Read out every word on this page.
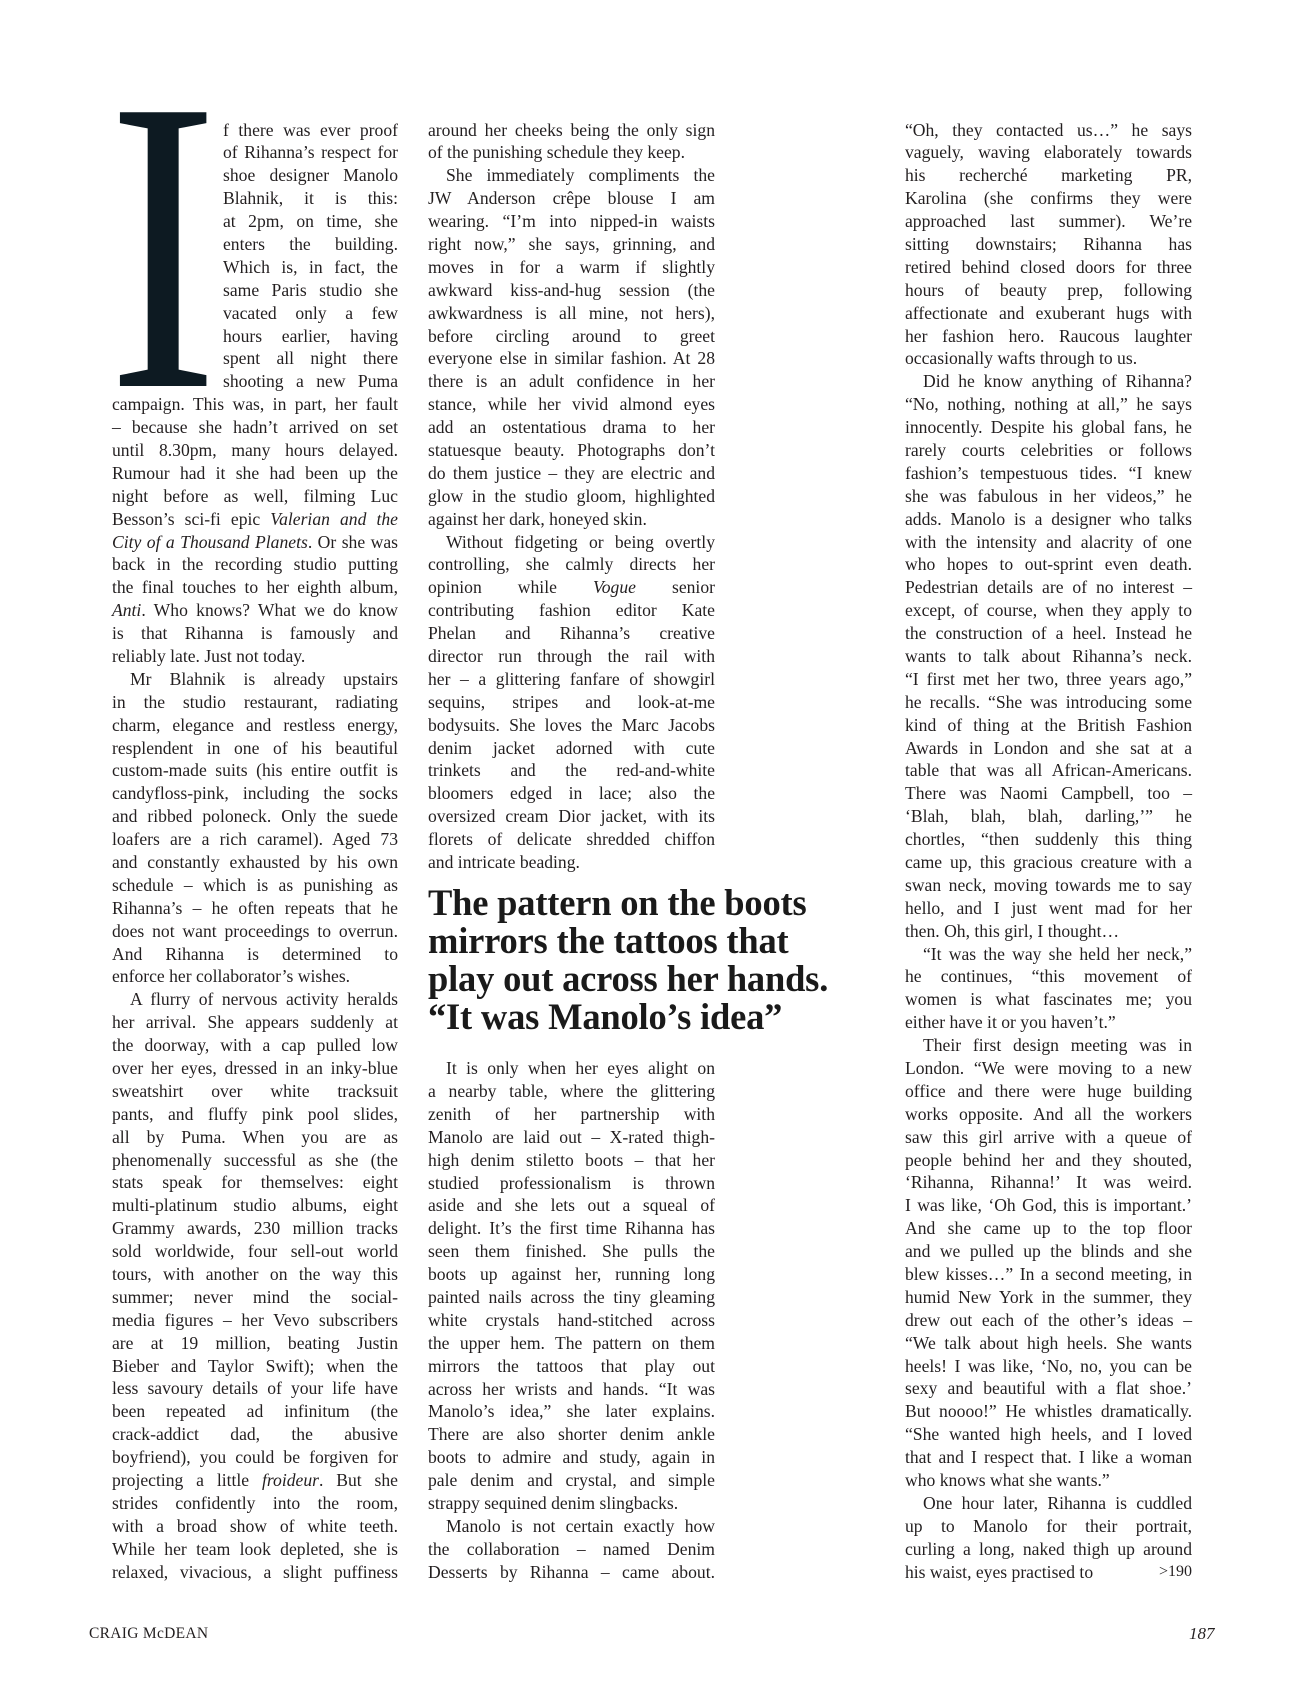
I f there was ever proof
of Rihanna’s respect for
shoe designer Manolo
Blahnik, it is this:
at 2pm, on time, she
enters the building.
Which is, in fact, the
same Paris studio she
vacated only a few
hours earlier, having
spent all night there
shooting a new Puma
campaign. This was, in part, her fault
– because she hadn’t arrived on set
until 8.30pm, many hours delayed.
Rumour had it she had been up the
night before as well, filming Luc
Besson’s sci-fi epic Valerian and the
City of a Thousand Planets. Or she was
back in the recording studio putting
the final touches to her eighth album,
Anti. Who knows? What we do know
is that Rihanna is famously and
reliably late. Just not today.
Mr Blahnik is already upstairs
in the studio restaurant, radiating
charm, elegance and restless energy,
resplendent in one of his beautiful
custom-made suits (his entire outfit is
candyfloss-pink, including the socks
and ribbed poloneck. Only the suede
loafers are a rich caramel). Aged 73
and constantly exhausted by his own
schedule – which is as punishing as
Rihanna’s – he often repeats that he
does not want proceedings to overrun.
And Rihanna is determined to
enforce her collaborator’s wishes.
A flurry of nervous activity heralds
her arrival. She appears suddenly at
the doorway, with a cap pulled low
over her eyes, dressed in an inky-blue
sweatshirt over white tracksuit
pants, and fluffy pink pool slides,
all by Puma. When you are as
phenomenally successful as she (the
stats speak for themselves: eight
multi-platinum studio albums, eight
Grammy awards, 230 million tracks
sold worldwide, four sell-out world
tours, with another on the way this
summer; never mind the social-
media figures – her Vevo subscribers
are at 19 million, beating Justin
Bieber and Taylor Swift); when the
less savoury details of your life have
been repeated ad infinitum (the
crack-addict dad, the abusive
boyfriend), you could be forgiven for
projecting a little froideur. But she
strides confidently into the room,
with a broad show of white teeth.
While her team look depleted, she is
relaxed, vivacious, a slight puffiness
around her cheeks being the only sign
of the punishing schedule they keep.
She immediately compliments the
JW Anderson crêpe blouse I am
wearing. “I’m into nipped-in waists
right now,” she says, grinning, and
moves in for a warm if slightly
awkward kiss-and-hug session (the
awkwardness is all mine, not hers),
before circling around to greet
everyone else in similar fashion. At 28
there is an adult confidence in her
stance, while her vivid almond eyes
add an ostentatious drama to her
statuesque beauty. Photographs don’t
do them justice – they are electric and
glow in the studio gloom, highlighted
against her dark, honeyed skin.
Without fidgeting or being overtly
controlling, she calmly directs her
opinion while Vogue senior
contributing fashion editor Kate
Phelan and Rihanna’s creative
director run through the rail with
her – a glittering fanfare of showgirl
sequins, stripes and look-at-me
bodysuits. She loves the Marc Jacobs
denim jacket adorned with cute
trinkets and the red-and-white
bloomers edged in lace; also the
oversized cream Dior jacket, with its
florets of delicate shredded chiffon
and intricate beading.
The pattern on the boots
mirrors the tattoos that
play out across her hands.
“It was Manolo’s idea”
It is only when her eyes alight on
a nearby table, where the glittering
zenith of her partnership with
Manolo are laid out – X-rated thigh-
high denim stiletto boots – that her
studied professionalism is thrown
aside and she lets out a squeal of
delight. It’s the first time Rihanna has
seen them finished. She pulls the
boots up against her, running long
painted nails across the tiny gleaming
white crystals hand-stitched across
the upper hem. The pattern on them
mirrors the tattoos that play out
across her wrists and hands. “It was
Manolo’s idea,” she later explains.
There are also shorter denim ankle
boots to admire and study, again in
pale denim and crystal, and simple
strappy sequined denim slingbacks.
Manolo is not certain exactly how
the collaboration – named Denim
Desserts by Rihanna – came about.
“Oh, they contacted us…” he says
vaguely, waving elaborately towards
his recherché marketing PR,
Karolina (she confirms they were
approached last summer). We’re
sitting downstairs; Rihanna has
retired behind closed doors for three
hours of beauty prep, following
affectionate and exuberant hugs with
her fashion hero. Raucous laughter
occasionally wafts through to us.
Did he know anything of Rihanna?
“No, nothing, nothing at all,” he says
innocently. Despite his global fans, he
rarely courts celebrities or follows
fashion’s tempestuous tides. “I knew
she was fabulous in her videos,” he
adds. Manolo is a designer who talks
with the intensity and alacrity of one
who hopes to out-sprint even death.
Pedestrian details are of no interest –
except, of course, when they apply to
the construction of a heel. Instead he
wants to talk about Rihanna’s neck.
“I first met her two, three years ago,”
he recalls. “She was introducing some
kind of thing at the British Fashion
Awards in London and she sat at a
table that was all African-Americans.
There was Naomi Campbell, too –
‘Blah, blah, blah, darling,’” he
chortles, “then suddenly this thing
came up, this gracious creature with a
swan neck, moving towards me to say
hello, and I just went mad for her
then. Oh, this girl, I thought…
“It was the way she held her neck,”
he continues, “this movement of
women is what fascinates me; you
either have it or you haven’t.”
Their first design meeting was in
London. “We were moving to a new
office and there were huge building
works opposite. And all the workers
saw this girl arrive with a queue of
people behind her and they shouted,
‘Rihanna, Rihanna!’ It was weird.
I was like, ‘Oh God, this is important.’
And she came up to the top floor
and we pulled up the blinds and she
blew kisses…” In a second meeting, in
humid New York in the summer, they
drew out each of the other’s ideas –
“We talk about high heels. She wants
heels! I was like, ‘No, no, you can be
sexy and beautiful with a flat shoe.’
But noooo!” He whistles dramatically.
“She wanted high heels, and I loved
that and I respect that. I like a woman
who knows what she wants.”
One hour later, Rihanna is cuddled
up to Manolo for their portrait,
curling a long, naked thigh up around
his waist, eyes practised to	>190
CRAIG McDEAN	187
